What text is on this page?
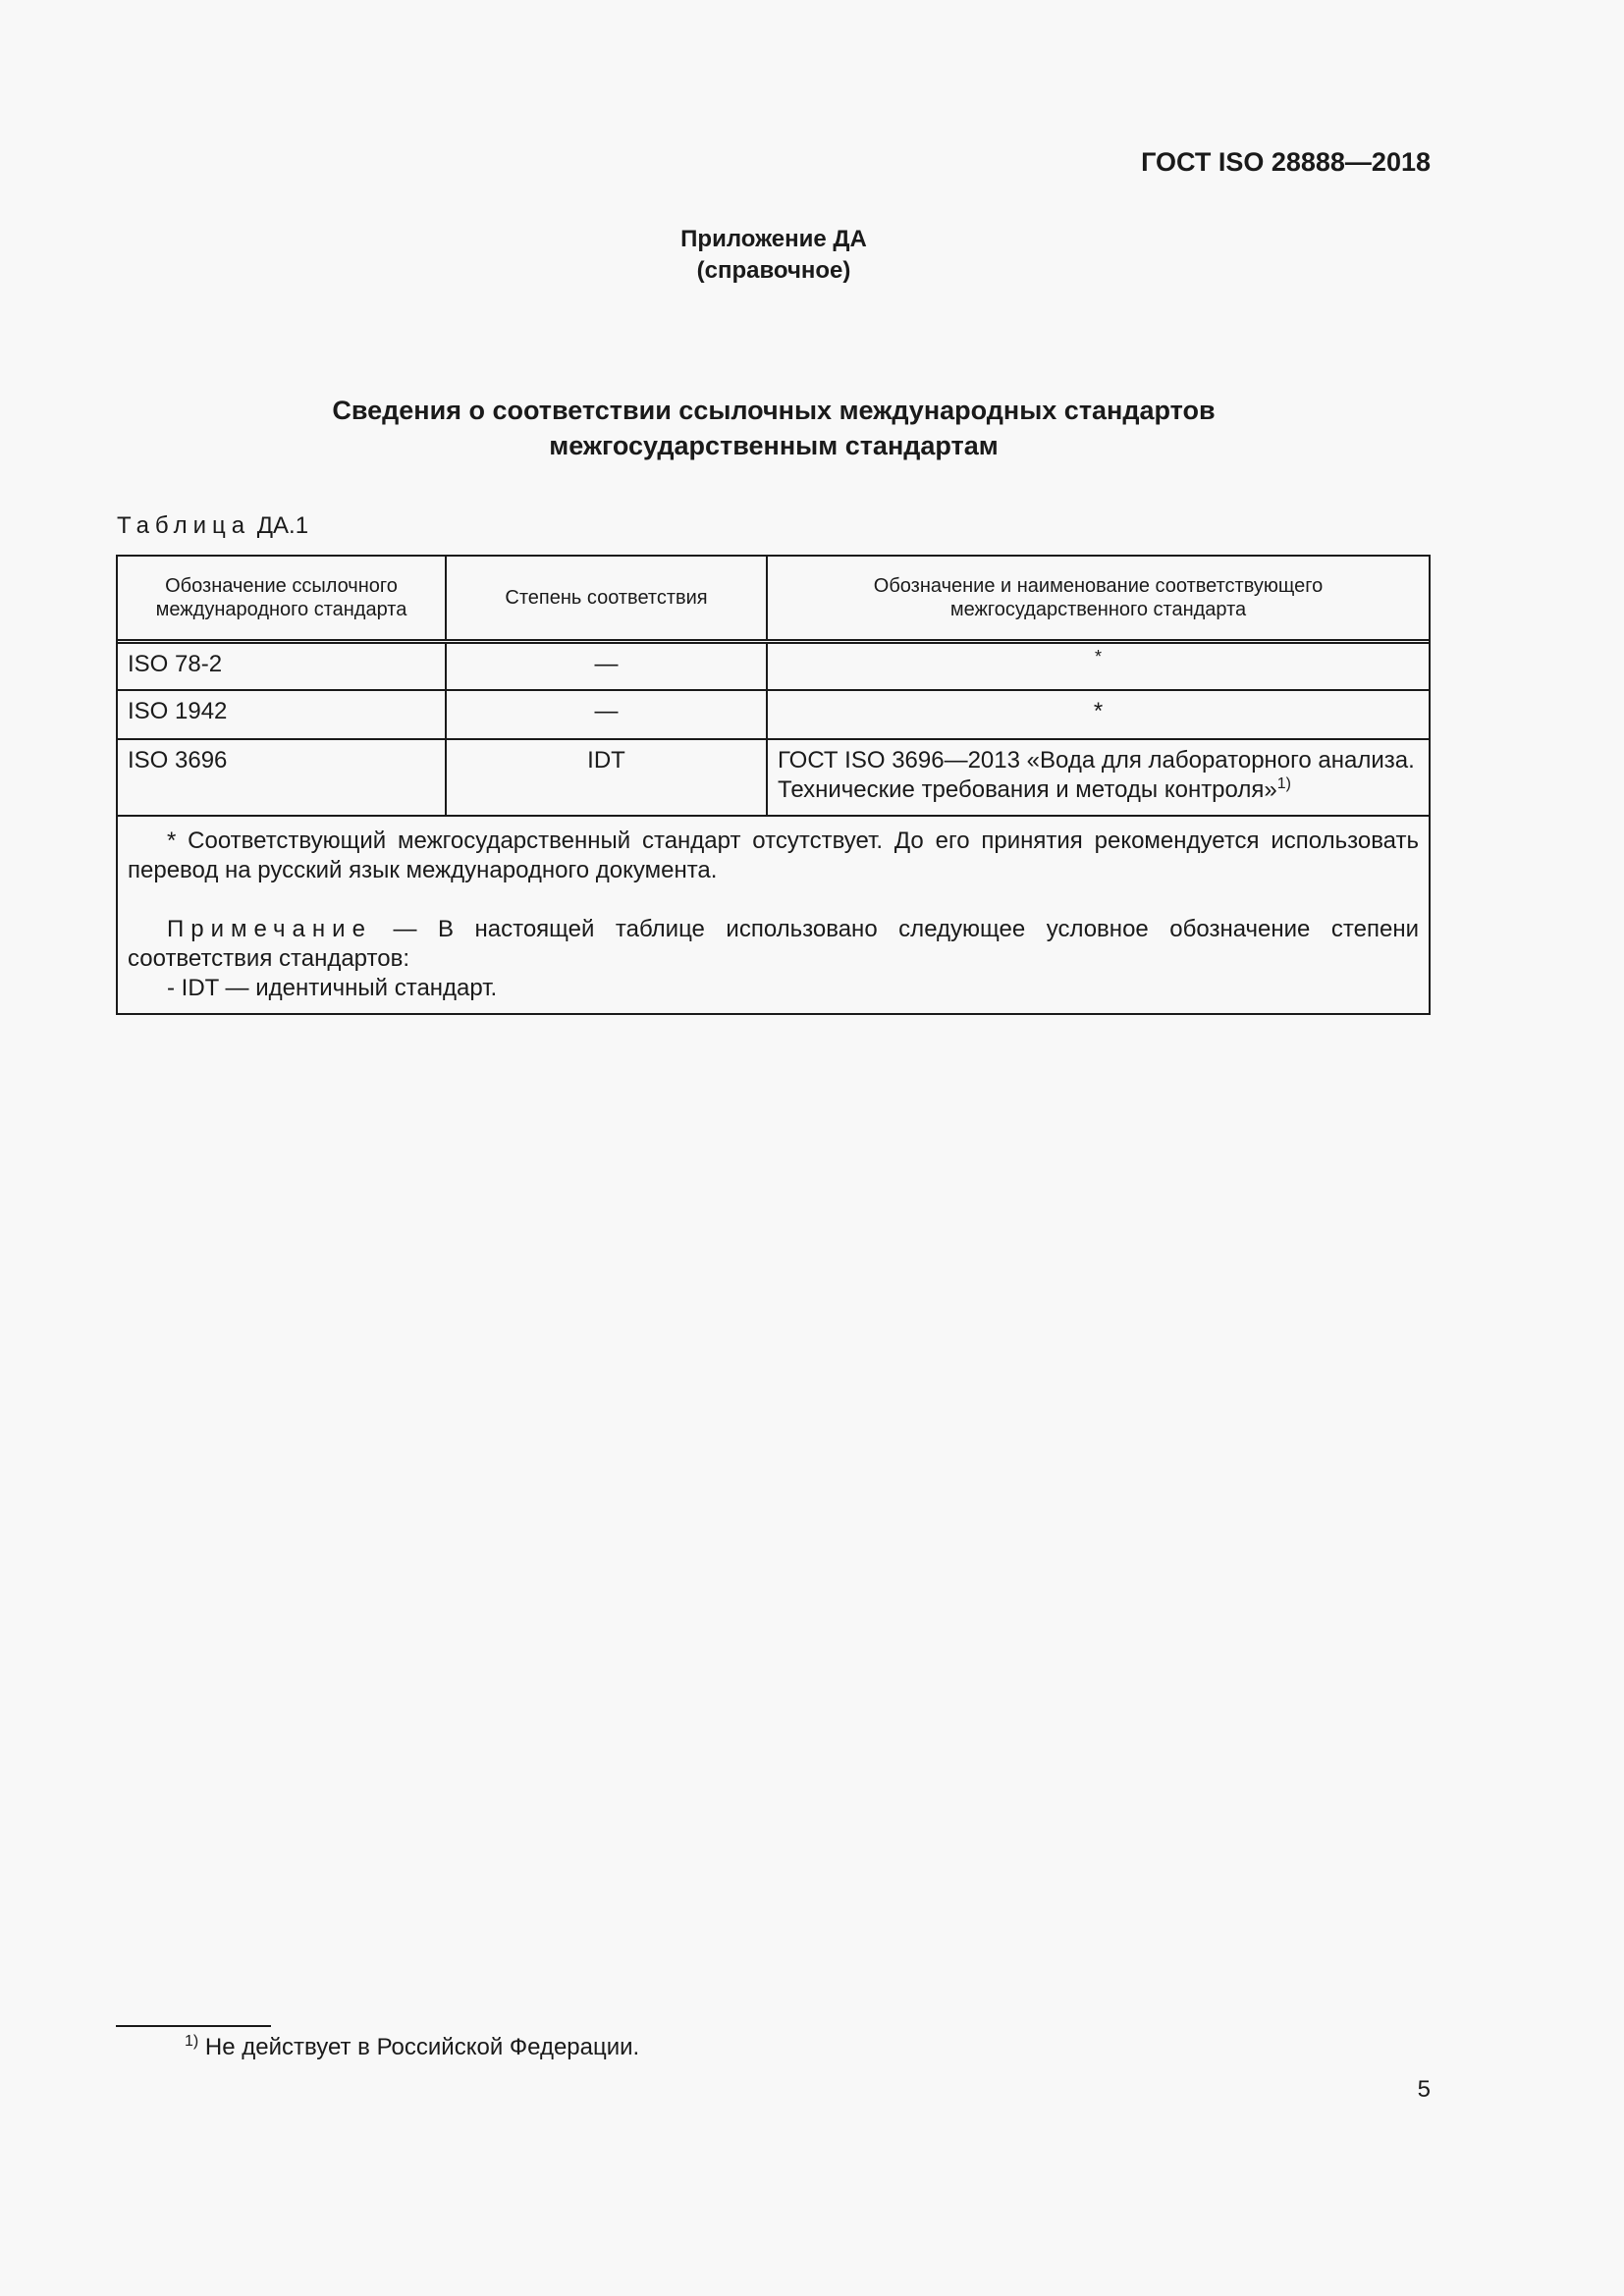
ГОСТ ISO 28888—2018
Приложение ДА
(справочное)
Сведения о соответствии ссылочных международных стандартов
межгосударственным стандартам
Таблица ДА.1
Обозначение ссылочного международного стандарта	Степень соответствия	Обозначение и наименование соответствующего межгосударственного стандарта
ISO 78-2	—	*
ISO 1942	—	*
ISO 3696	IDT	ГОСТ ISO 3696—2013 «Вода для лабораторного анализа. Технические требования и методы контроля»$^{1)}$

* Соответствующий межгосударственный стандарт отсутствует. До его принятия рекомендуется использовать перевод на русский язык международного документа.

Примечание — В настоящей таблице использовано следующее условное обозначение степени соответствия стандартов:

- IDT — идентичный стандарт.

$^{1)}$ Не действует в Российской Федерации.
5
